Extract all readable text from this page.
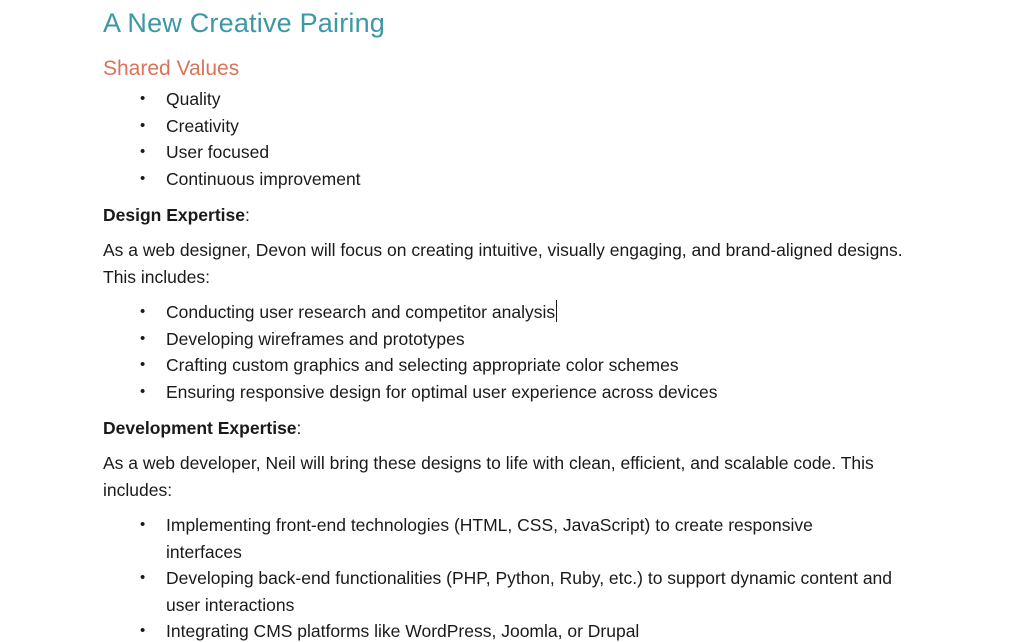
A New Creative Pairing
Shared Values
• Quality
• Creativity
• User focused
• Continuous improvement

Design Expertise:

As a web designer, Devon will focus on creating intuitive, visually engaging, and brand-aligned designs. This includes:

• Conducting user research and competitor analysis
• Developing wireframes and prototypes
• Crafting custom graphics and selecting appropriate color schemes
• Ensuring responsive design for optimal user experience across devices

Development Expertise:

As a web developer, Neil will bring these designs to life with clean, efficient, and scalable code. This includes:

• Implementing front-end technologies (HTML, CSS, JavaScript) to create responsive interfaces
• Developing back-end functionalities (PHP, Python, Ruby, etc.) to support dynamic content and user interactions
• Integrating CMS platforms like WordPress, Joomla, or Drupal
